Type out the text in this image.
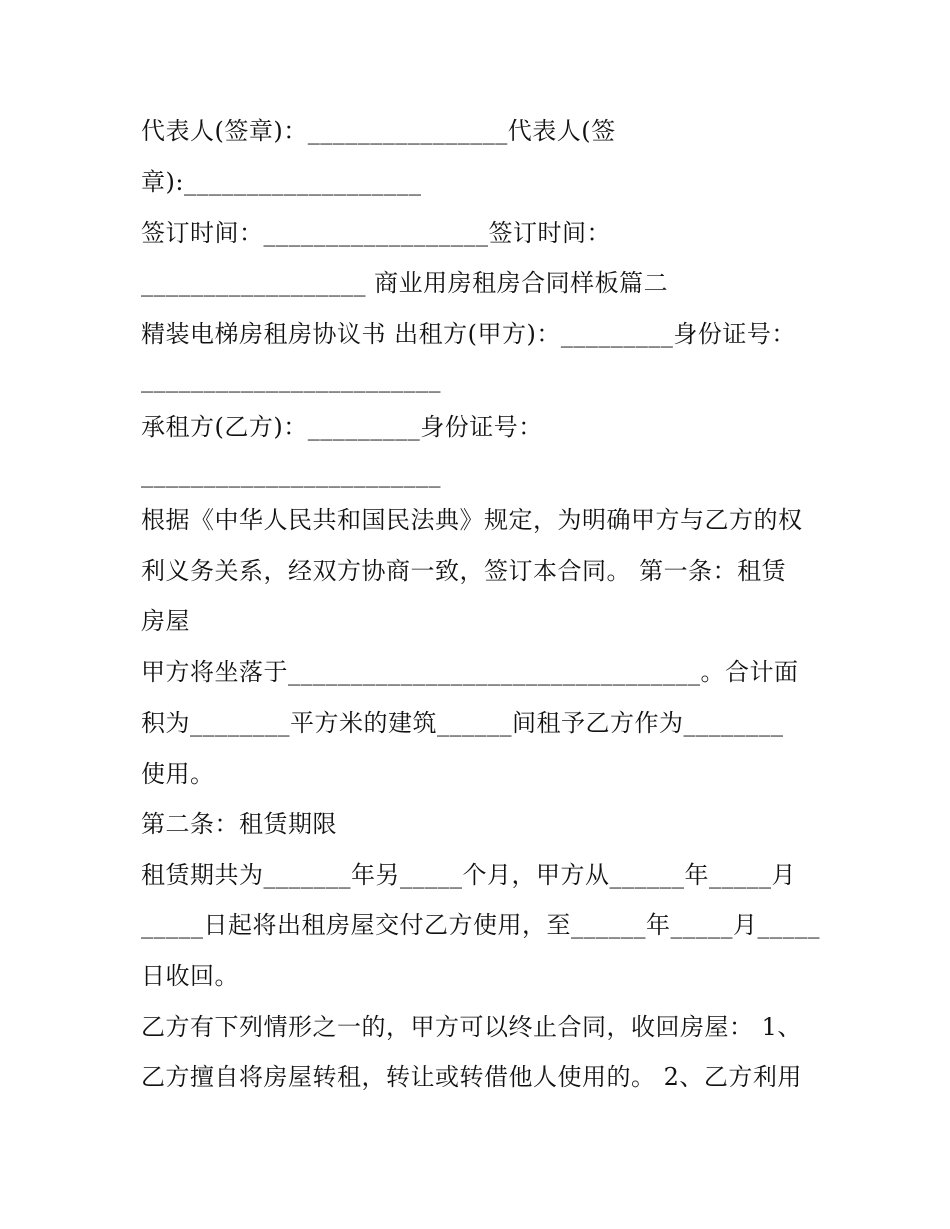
代表人(签章)：________________代表人(签
章):___________________
签订时间：__________________签订时间：
__________________ 商业用房租房合同样板篇二
精装电梯房租房协议书 出租方(甲方)：_________身份证号：
________________________
承租方(乙方)：_________身份证号：
________________________
根据《中华人民共和国民法典》规定，为明确甲方与乙方的权
利义务关系，经双方协商一致，签订本合同。 第一条：租赁
房屋
甲方将坐落于_________________________________。合计面
积为________平方米的建筑______间租予乙方作为________
使用。
第二条：租赁期限
租赁期共为_______年另_____个月，甲方从______年_____月
_____日起将出租房屋交付乙方使用，至______年_____月_____
日收回。
乙方有下列情形之一的，甲方可以终止合同，收回房屋： 1、
乙方擅自将房屋转租，转让或转借他人使用的。 2、乙方利用
